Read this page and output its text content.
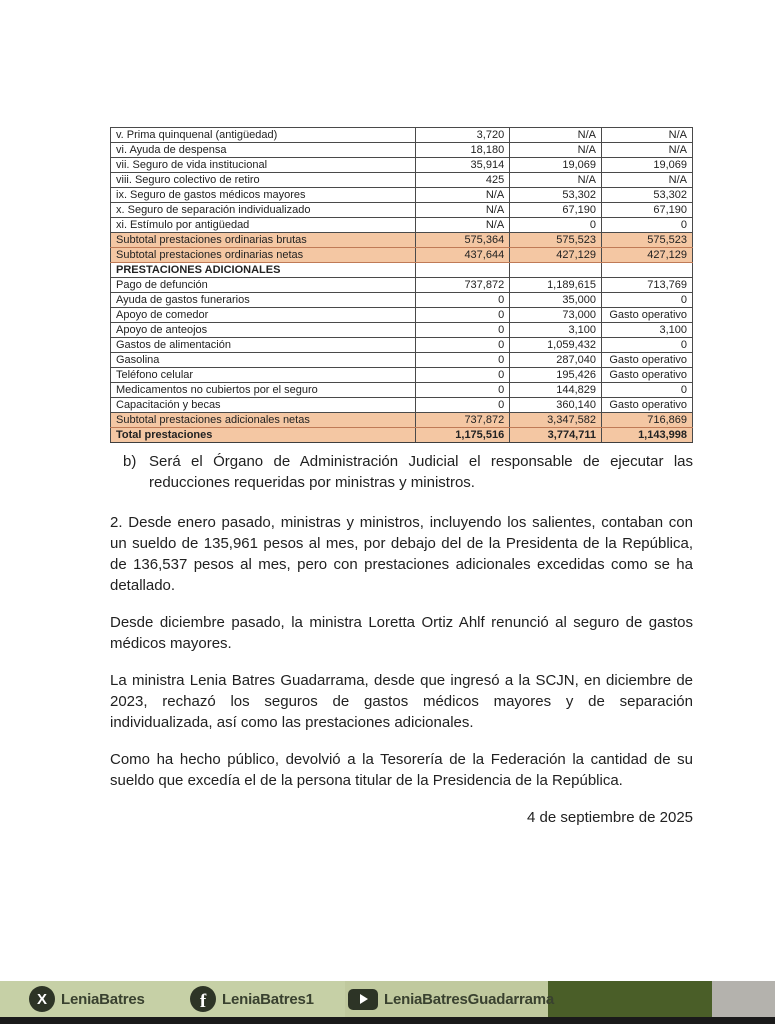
v. Prima quinquenal (antigüedad)	3,720	N/A	N/A
vi. Ayuda de despensa	18,180	N/A	N/A
vii. Seguro de vida institucional	35,914	19,069	19,069
viii. Seguro colectivo de retiro	425	N/A	N/A
ix. Seguro de gastos médicos mayores	N/A	53,302	53,302
x. Seguro de separación individualizado	N/A	67,190	67,190
xi. Estímulo por antigüedad	N/A	0	0
Subtotal prestaciones ordinarias brutas	575,364	575,523	575,523
Subtotal prestaciones ordinarias netas	437,644	427,129	427,129
PRESTACIONES ADICIONALES			
Pago de defunción	737,872	1,189,615	713,769
Ayuda de gastos funerarios	0	35,000	0
Apoyo de comedor	0	73,000	Gasto operativo
Apoyo de anteojos	0	3,100	3,100
Gastos de alimentación	0	1,059,432	0
Gasolina	0	287,040	Gasto operativo
Teléfono celular	0	195,426	Gasto operativo
Medicamentos no cubiertos por el seguro	0	144,829	0
Capacitación y becas	0	360,140	Gasto operativo
Subtotal prestaciones adicionales netas	737,872	3,347,582	716,869
Total prestaciones	1,175,516	3,774,711	1,143,998
b) Será el Órgano de Administración Judicial el responsable de ejecutar las reducciones requeridas por ministras y ministros.

2. Desde enero pasado, ministras y ministros, incluyendo los salientes, contaban con un sueldo de 135,961 pesos al mes, por debajo del de la Presidenta de la República, de 136,537 pesos al mes, pero con prestaciones adicionales excedidas como se ha detallado.

Desde diciembre pasado, la ministra Loretta Ortiz Ahlf renunció al seguro de gastos médicos mayores.

La ministra Lenia Batres Guadarrama, desde que ingresó a la SCJN, en diciembre de 2023, rechazó los seguros de gastos médicos mayores y de separación individualizada, así como las prestaciones adicionales.

Como ha hecho público, devolvió a la Tesorería de la Federación la cantidad de su sueldo que excedía el de la persona titular de la Presidencia de la República.

4 de septiembre de 2025
X LeniaBatres	f	LeniaBatres1	LeniaBatresGuadarrama
